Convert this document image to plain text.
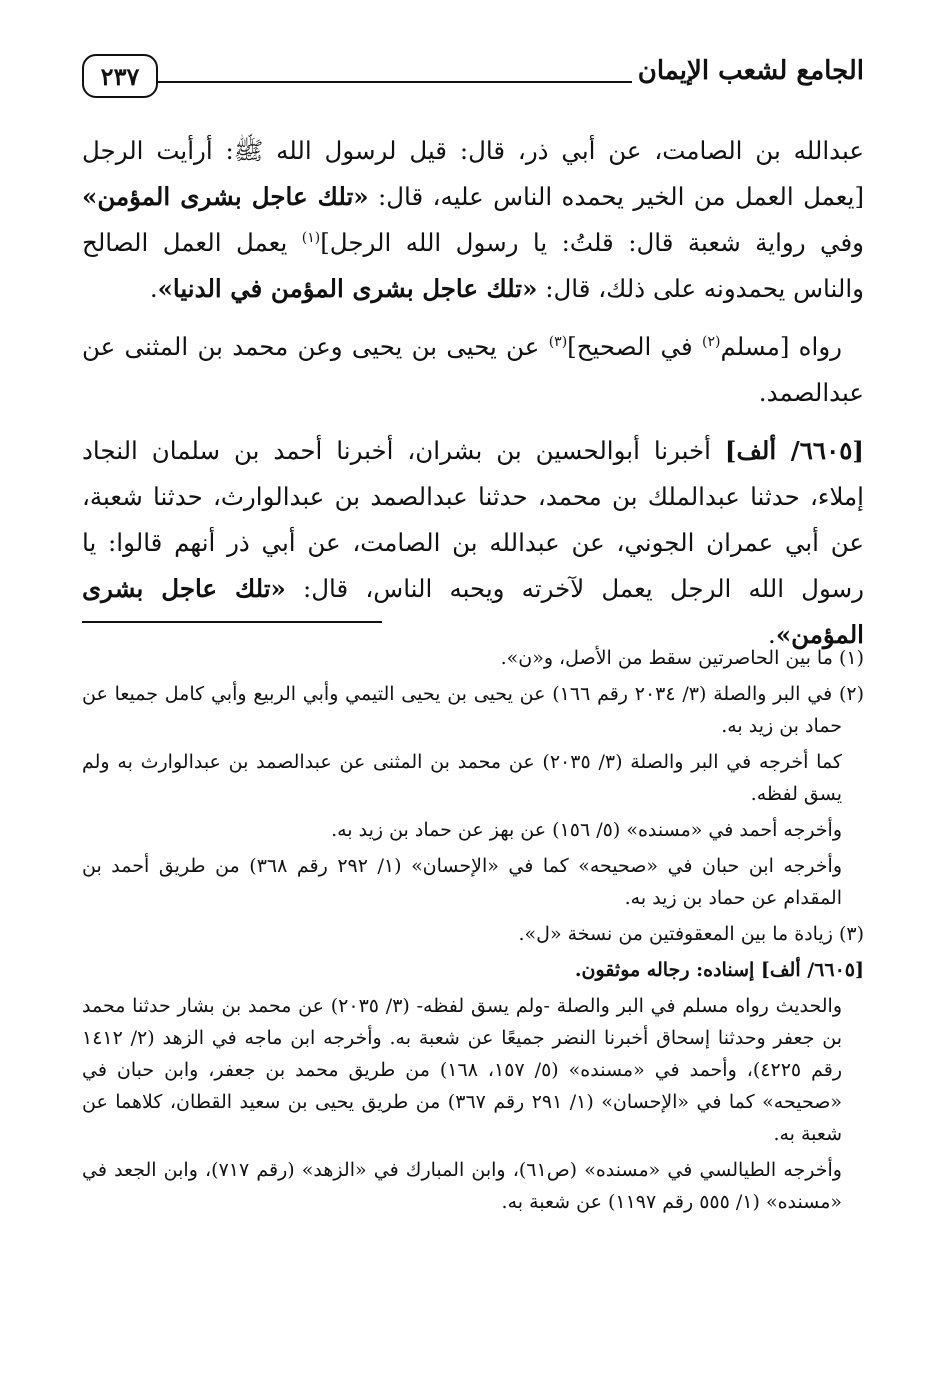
الجامع لشعب الإيمان
٢٣٧

عبدالله بن الصامت، عن أبي ذر، قال: قيل لرسول الله ﷺ: أرأيت الرجل [يعمل العمل من الخير يحمده الناس عليه، قال: «تلك عاجل بشرى المؤمن» وفي رواية شعبة قال: قلتُ: يا رسول الله الرجل]$^{(١)}$ يعمل العمل الصالح والناس يحمدونه على ذلك، قال: «تلك عاجل بشرى المؤمن في الدنيا».

رواه [مسلم$^{(٢)}$ في الصحيح]$^{(٣)}$ عن يحيى بن يحيى وعن محمد بن المثنى عن عبدالصمد.

[٦٦٠٥/ ألف] أخبرنا أبوالحسين بن بشران، أخبرنا أحمد بن سلمان النجاد إملاء، حدثنا عبدالملك بن محمد، حدثنا عبدالصمد بن عبدالوارث، حدثنا شعبة، عن أبي عمران الجوني، عن عبدالله بن الصامت، عن أبي ذر أنهم قالوا: يا رسول الله الرجل يعمل لآخرته ويحبه الناس، قال: «تلك عاجل بشرى المؤمن».

(١) ما بين الحاصرتين سقط من الأصل، و«ن».

(٢) في البر والصلة (٣/ ٢٠٣٤ رقم ١٦٦) عن يحيى بن يحيى التيمي وأبي الربيع وأبي كامل جميعا عن حماد بن زيد به.

كما أخرجه في البر والصلة (٣/ ٢٠٣٥) عن محمد بن المثنى عن عبدالصمد بن عبدالوارث به ولم يسق لفظه.

وأخرجه أحمد في «مسنده» (٥/ ١٥٦) عن بهز عن حماد بن زيد به.

وأخرجه ابن حبان في «صحيحه» كما في «الإحسان» (١/ ٢٩٢ رقم ٣٦٨) من طريق أحمد بن المقدام عن حماد بن زيد به.

(٣) زيادة ما بين المعقوفتين من نسخة «ل».

[٦٦٠٥/ ألف] إسناده: رجاله موثقون.

والحديث رواه مسلم في البر والصلة -ولم يسق لفظه- (٣/ ٢٠٣٥) عن محمد بن بشار حدثنا محمد بن جعفر وحدثنا إسحاق أخبرنا النضر جميعًا عن شعبة به. وأخرجه ابن ماجه في الزهد (٢/ ١٤١٢ رقم ٤٢٢٥)، وأحمد في «مسنده» (٥/ ١٥٧، ١٦٨) من طريق محمد بن جعفر، وابن حبان في «صحيحه» كما في «الإحسان» (١/ ٢٩١ رقم ٣٦٧) من طريق يحيى بن سعيد القطان، كلاهما عن شعبة به.

وأخرجه الطيالسي في «مسنده» (ص٦١)، وابن المبارك في «الزهد» (رقم ٧١٧)، وابن الجعد في «مسنده» (١/ ٥٥٥ رقم ١١٩٧) عن شعبة به.
